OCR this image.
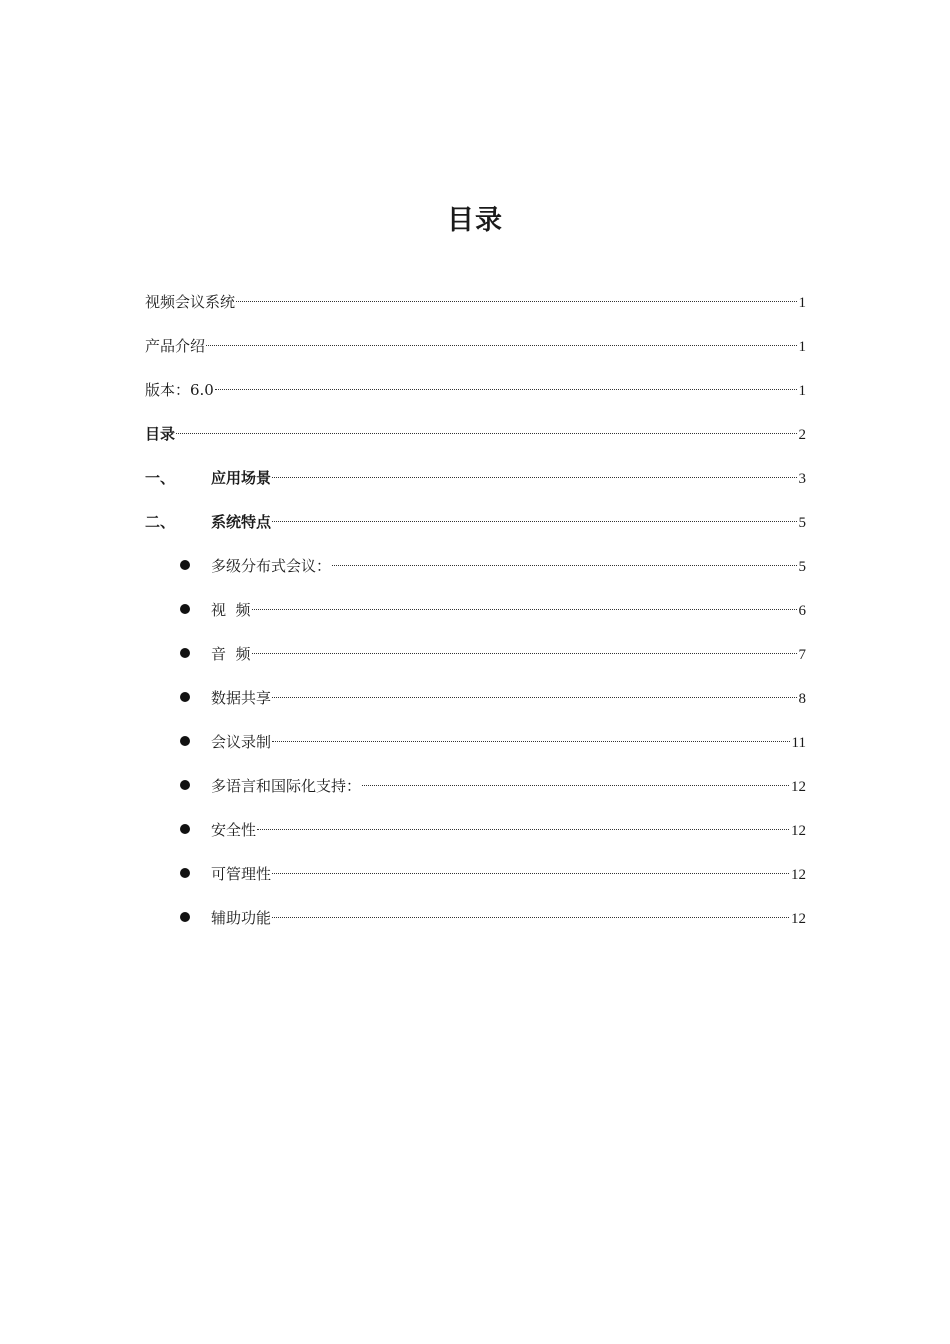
目录
视频会议系统	1
产品介绍	1
版本：6.0	1
目录	2
一、	应用场景	3
二、	系统特点	5
多级分布式会议：	5
视  频	6
音  频	7
数据共享	8
会议录制	11
多语言和国际化支持：	12
安全性	12
可管理性	12
辅助功能	12
